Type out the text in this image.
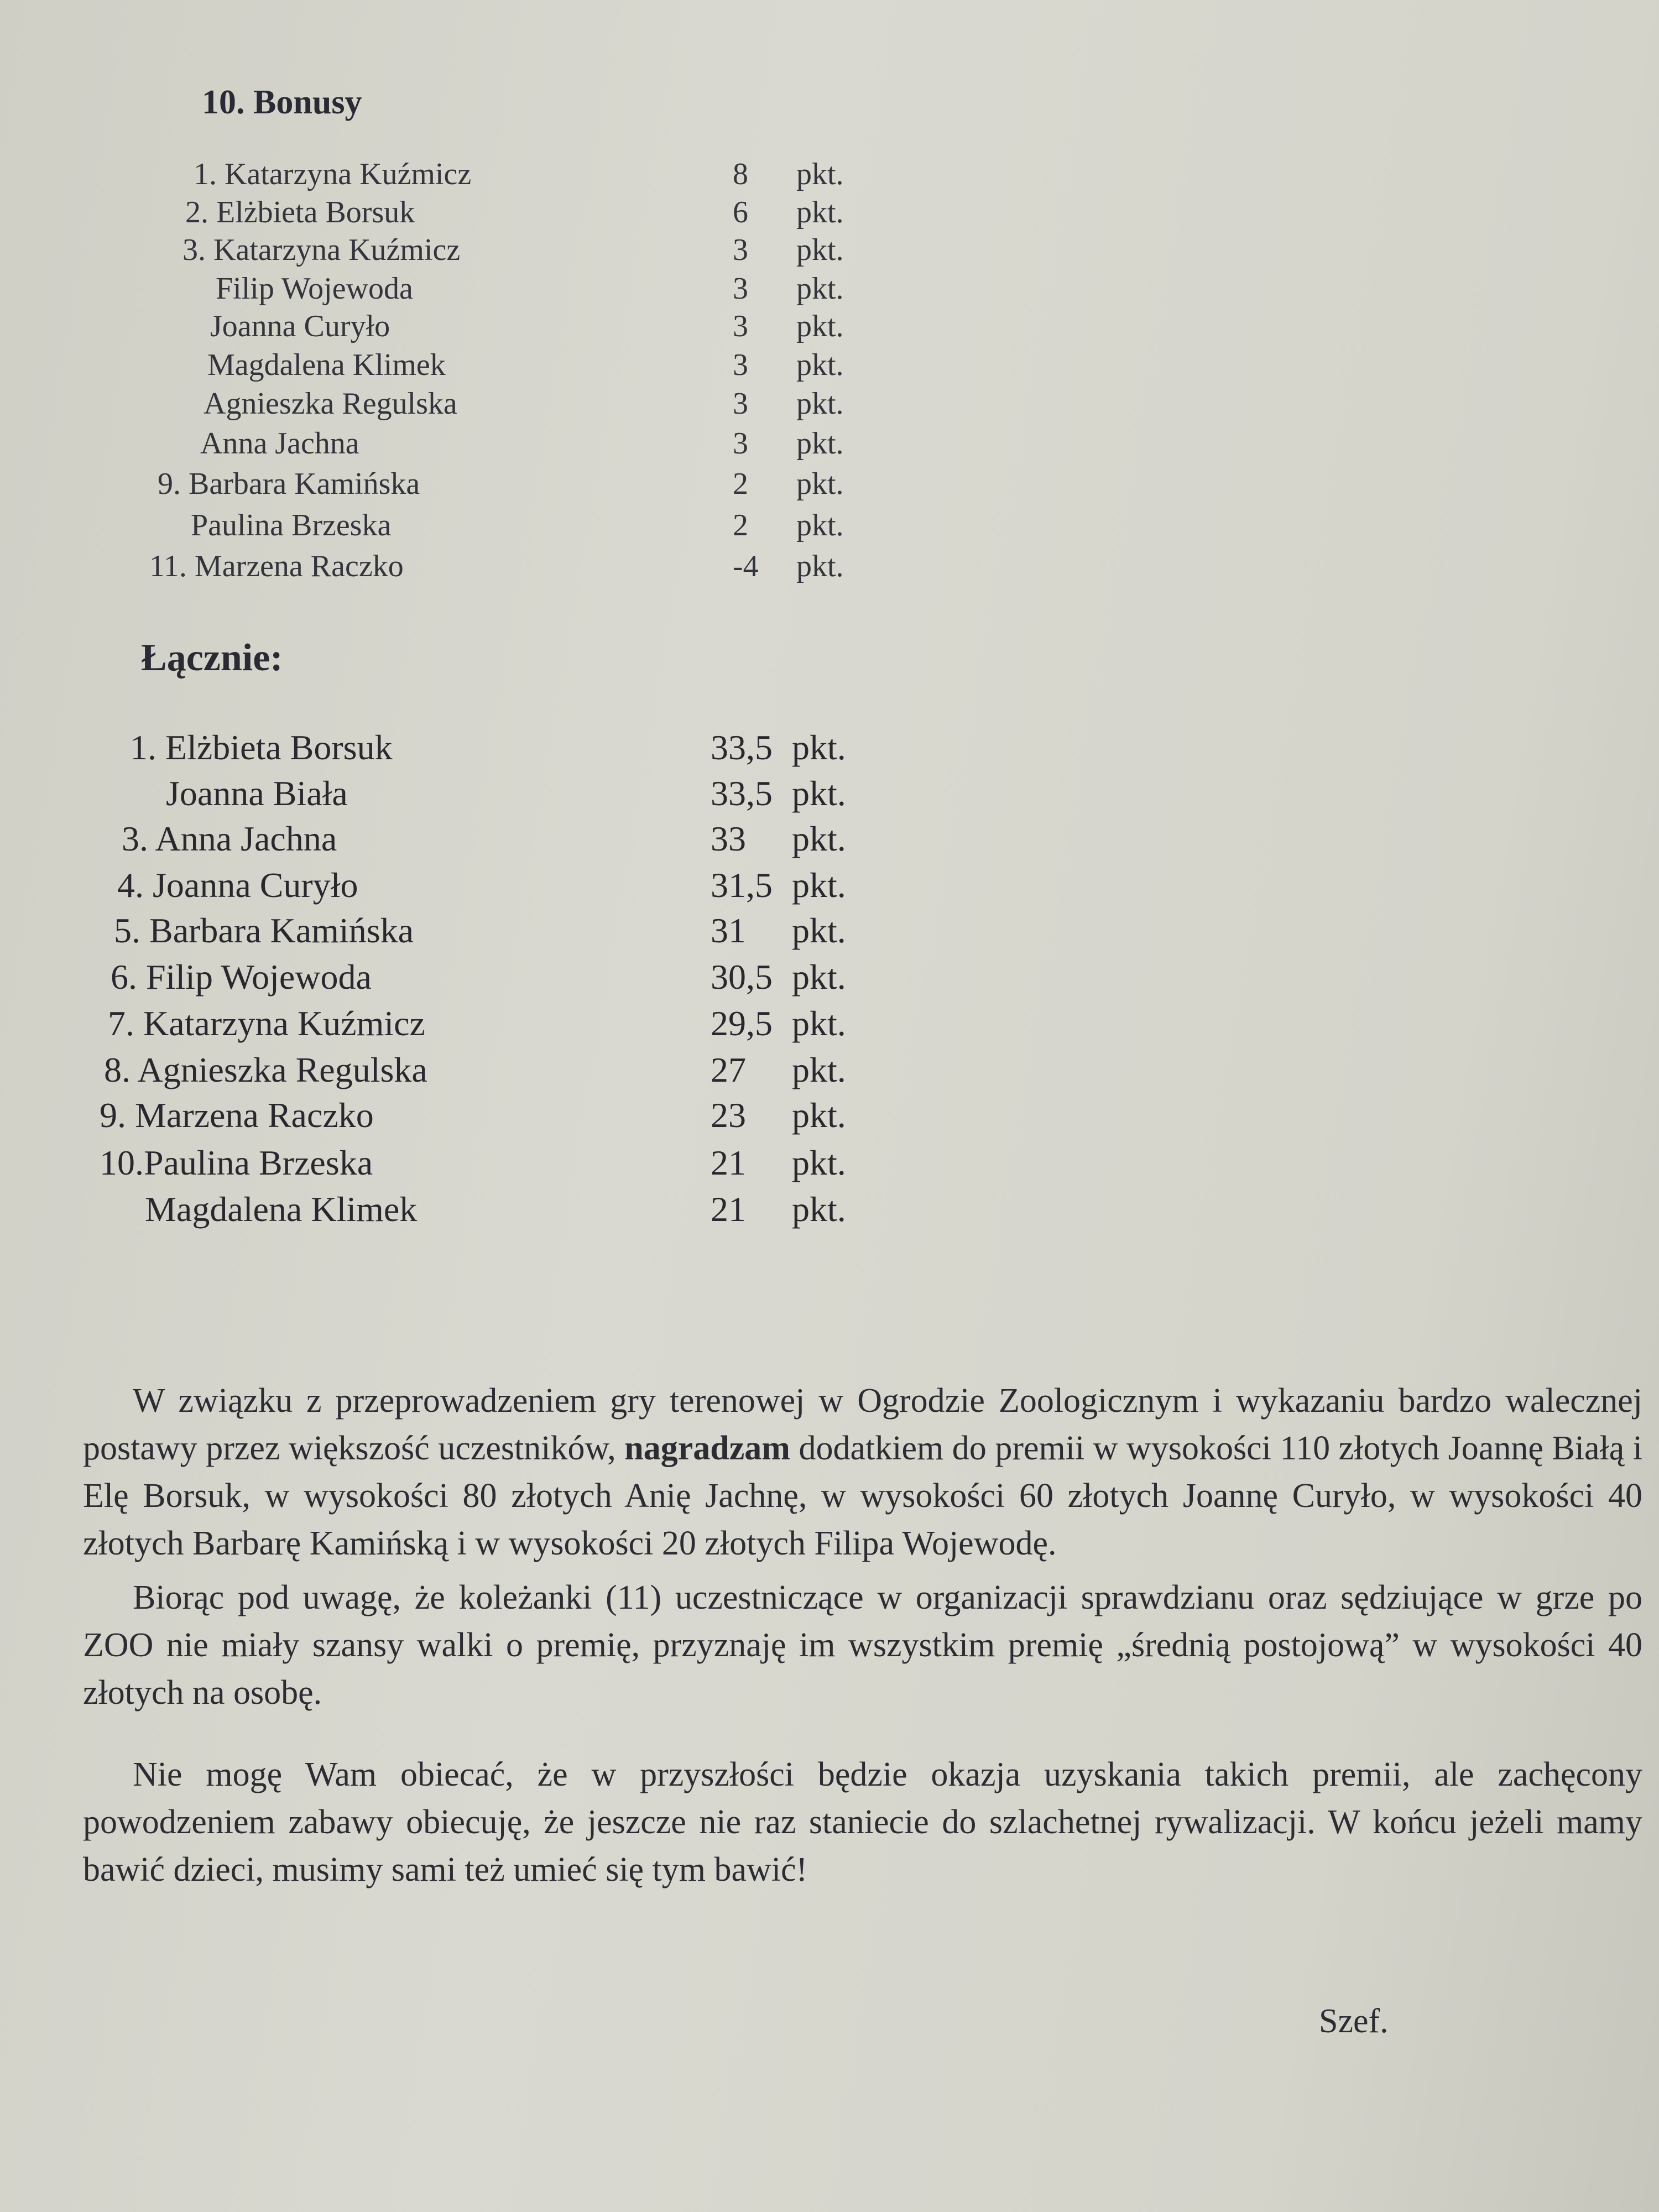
10. Bonusy
1. Katarzyna Kuźmicz	8 pkt.
2. Elżbieta Borsuk	6 pkt.
3. Katarzyna Kuźmicz	3 pkt.
Filip Wojewoda	3 pkt.
Joanna Curyło	3 pkt.
Magdalena Klimek	3 pkt.
Agnieszka Regulska	3 pkt.
Anna Jachna	3 pkt.
9. Barbara Kamińska	2 pkt.
Paulina Brzeska	2 pkt.
11. Marzena Raczko	-4 pkt.
Łącznie:
1. Elżbieta Borsuk	33,5 pkt.
Joanna Biała	33,5 pkt.
3. Anna Jachna	33 pkt.
4. Joanna Curyło	31,5 pkt.
5. Barbara Kamińska	31 pkt.
6. Filip Wojewoda	30,5 pkt.
7. Katarzyna Kuźmicz	29,5 pkt.
8. Agnieszka Regulska	27 pkt.
9. Marzena Raczko	23 pkt.
10.Paulina Brzeska	21 pkt.
Magdalena Klimek	21 pkt.

W związku z przeprowadzeniem gry terenowej w Ogrodzie Zoologicznym i wykazaniu bardzo walecznej postawy przez większość uczestników, nagradzam dodatkiem do premii w wysokości 110 złotych Joannę Białą i Elę Borsuk, w wysokości 80 złotych Anię Jachnę, w wysokości 60 złotych Joannę Curyło, w wysokości 40 złotych Barbarę Kamińską i w wysokości 20 złotych Filipa Wojewodę.

Biorąc pod uwagę, że koleżanki (11) uczestniczące w organizacji sprawdzianu oraz sędziujące w grze po ZOO nie miały szansy walki o premię, przyznaję im wszystkim premię „średnią postojową” w wysokości 40 złotych na osobę.

Nie mogę Wam obiecać, że w przyszłości będzie okazja uzyskania takich premii, ale zachęcony powodzeniem zabawy obiecuję, że jeszcze nie raz staniecie do szlachetnej rywalizacji. W końcu jeżeli mamy bawić dzieci, musimy sami też umieć się tym bawić!

Szef.
